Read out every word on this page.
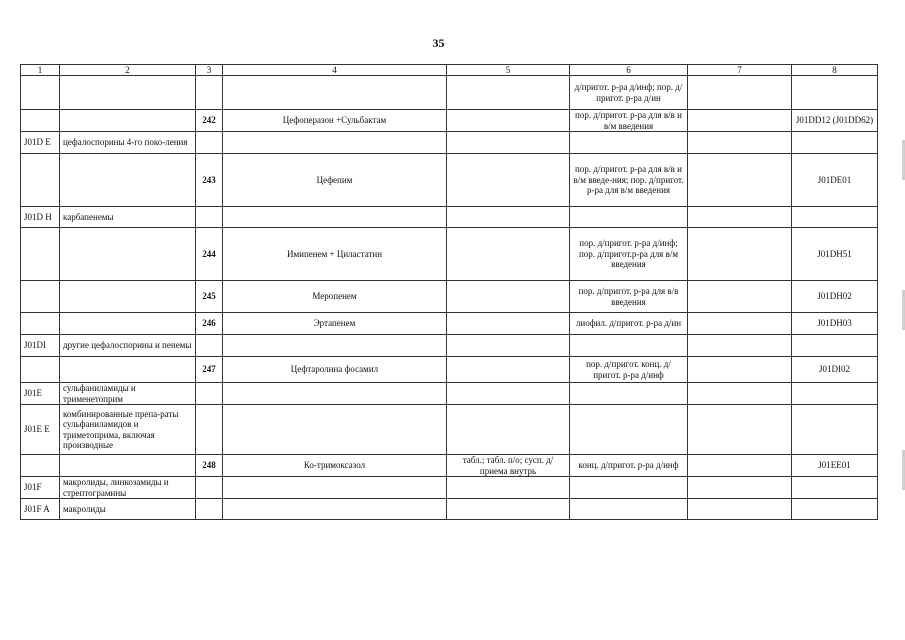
35
1	2	3	4	5	6	7	8
					д/пригот. р-ра д/инф; пор. д/пригот. р-ра д/ин		
		242	Цефоперазон +Сульбактам		пор. д/пригот. р-ра для в/в и в/м введения		J01DD12 (J01DD62)
J01D E	цефалоспорины 4-го поко-ления						
		243	Цефепим		пор. д/пригот. р-ра для в/в и в/м введе-ния; пор. д/пригот. р-ра для в/м введения		J01DE01
J01D H	карбапенемы						
		244	Имипенем + Циластатин		пор. д/пригот. р-ра д/инф; пор. д/пригот.р-ра для в/м введения		J01DH51
		245	Меропенем		пор. д/пригот. р-ра для в/в введения		J01DH02
		246	Эртапенем		лиофил. д/пригот. р-ра д/ин		J01DH03
J01DI	другие цефалоспорины и пенемы						
		247	Цефтаролина фосамил		пор. д/пригот. конц. д/пригот. р-ра д/инф		J01DI02
J01E	сульфаниламиды и трименетоприм						
J01E E	комбинированные препа-раты сульфаниламидов и триметоприма, включая производные						
		248	Ко-тримоксазол	табл.; табл. п/о; сусп. д/приема внутрь	конц. д/пригот. р-ра д/инф		J01EE01
J01F	макролиды, линкозамиды и стрептограмины						
J01F A	макролиды						
